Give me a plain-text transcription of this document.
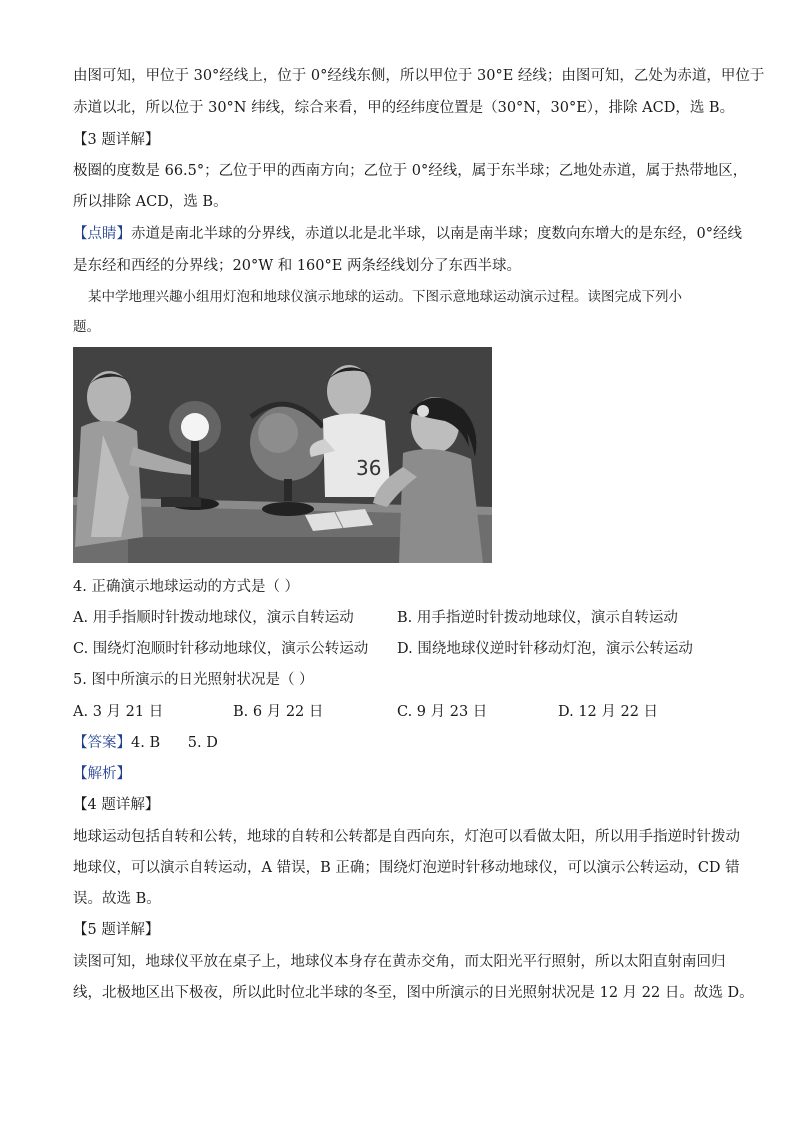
由图可知，甲位于 30°经线上，位于 0°经线东侧，所以甲位于 30°E 经线；由图可知，乙处为赤道，甲位于
赤道以北，所以位于 30°N 纬线，综合来看，甲的经纬度位置是（30°N，30°E），排除 ACD，选 B。
【3 题详解】
极圈的度数是 66.5°；乙位于甲的西南方向；乙位于 0°经线，属于东半球；乙地处赤道，属于热带地区，
所以排除 ACD，选 B。
【点睛】赤道是南北半球的分界线，赤道以北是北半球，以南是南半球；度数向东增大的是东经，0°经线
是东经和西经的分界线；20°W 和 160°E 两条经线划分了东西半球。
某中学地理兴趣小组用灯泡和地球仪演示地球的运动。下图示意地球运动演示过程。读图完成下列小
题。
36
4. 正确演示地球运动的方式是（ ）
A. 用手指顺时针拨动地球仪，演示自转运动	B. 用手指逆时针拨动地球仪，演示自转运动
C. 围绕灯泡顺时针移动地球仪，演示公转运动 D. 围绕地球仪逆时针移动灯泡，演示公转运动
5. 图中所演示的日光照射状况是（ ）
A. 3 月 21 日	B. 6 月 22 日	C. 9 月 23 日	D. 12 月 22 日
【答案】4. B      5. D
【解析】
【4 题详解】
地球运动包括自转和公转，地球的自转和公转都是自西向东，灯泡可以看做太阳，所以用手指逆时针拨动
地球仪，可以演示自转运动，A 错误，B 正确；围绕灯泡逆时针移动地球仪，可以演示公转运动，CD 错
误。故选 B。
【5 题详解】
读图可知，地球仪平放在桌子上，地球仪本身存在黄赤交角，而太阳光平行照射，所以太阳直射南回归
线，北极地区出下极夜，所以此时位北半球的冬至，图中所演示的日光照射状况是 12 月 22 日。故选 D。
